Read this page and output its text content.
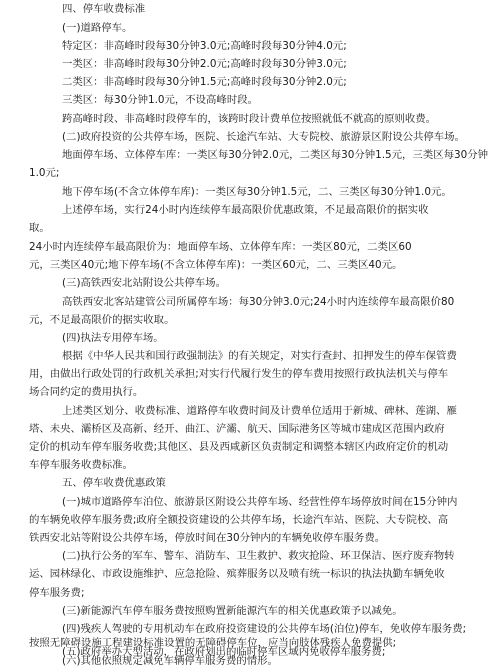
四、停车收费标准
(一)道路停车。
特定区：非高峰时段每30分钟3.0元;高峰时段每30分钟4.0元;
一类区：非高峰时段每30分钟2.0元;高峰时段每30分钟3.0元;
二类区：非高峰时段每30分钟1.5元;高峰时段每30分钟2.0元;
三类区：每30分钟1.0元，不设高峰时段。
跨高峰时段、非高峰时段停车的，该跨时段计费单位按照就低不就高的原则收费。
(二)政府投资的公共停车场，医院、长途汽车站、大专院校、旅游景区附设公共停车场。
地面停车场、立体停车库：一类区每30分钟2.0元，二类区每30分钟1.5元，三类区每30分钟
1.0元;
地下停车场(不含立体停车库)：一类区每30分钟1.5元，二、三类区每30分钟1.0元。
上述停车场，实行24小时内连续停车最高限价优惠政策，不足最高限价的据实收
取。
24小时内连续停车最高限价为：地面停车场、立体停车库：一类区80元，二类区60
元，三类区40元;地下停车场(不含立体停车库)：一类区60元，二、三类区40元。
(三)高铁西安北站附设公共停车场。
高铁西安北客站建管公司所属停车场：每30分钟3.0元;24小时内连续停车最高限价80
元，不足最高限价的据实收取。
(四)执法专用停车场。
根据《中华人民共和国行政强制法》的有关规定，对实行查封、扣押发生的停车保管费
用，由做出行政处罚的行政机关承担;对实行代履行发生的停车费用按照行政执法机关与停车
场合同约定的费用执行。
上述类区划分、收费标准、道路停车收费时间及计费单位适用于新城、碑林、莲湖、雁
塔、未央、灞桥区及高新、经开、曲江、浐灞、航天、国际港务区等城市建成区范围内政府
定价的机动车停车服务收费;其他区、县及西咸新区负责制定和调整本辖区内政府定价的机动
车停车服务收费标准。
五、停车收费优惠政策
(一)城市道路停车泊位、旅游景区附设公共停车场、经营性停车场停放时间在15分钟内
的车辆免收停车服务费;政府全额投资建设的公共停车场，长途汽车站、医院、大专院校、高
铁西安北站等附设公共停车场，停放时间在30分钟内的车辆免收停车服务费。
(二)执行公务的军车、警车、消防车、卫生救护、救灾抢险、环卫保洁、医疗废弃物转
运、园林绿化、市政设施维护、应急抢险、殡葬服务以及喷有统一标识的执法执勤车辆免收
停车服务费;
(三)新能源汽车停车服务费按照购置新能源汽车的相关优惠政策予以减免。
(四)残疾人驾驶的专用机动车在政府投资建设的公共停车场(泊位)停车，免收停车服务费;
按照无障碍设施工程建设标准设置的无障碍停车位，应当向肢体残疾人免费提供;
(五)政府举办大型活动，在政府划出的临时停车区域内免收停车服务费;
(六)其他依照规定减免车辆停车服务费的情形。
